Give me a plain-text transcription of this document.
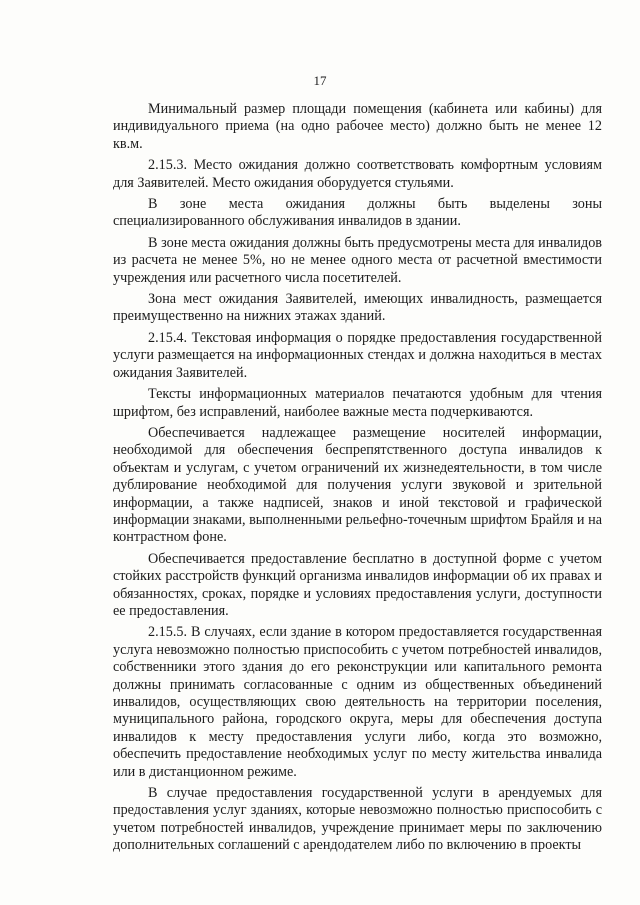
17

Минимальный размер площади помещения (кабинета или кабины) для индивидуального приема (на одно рабочее место) должно быть не менее 12 кв.м.

2.15.3. Место ожидания должно соответствовать комфортным условиям для Заявителей. Место ожидания оборудуется стульями.

В зоне места ожидания должны быть выделены зоны специализированного обслуживания инвалидов в здании.

В зоне места ожидания должны быть предусмотрены места для инвалидов из расчета не менее 5%, но не менее одного места от расчетной вместимости учреждения или расчетного числа посетителей.

Зона мест ожидания Заявителей, имеющих инвалидность, размещается преимущественно на нижних этажах зданий.

2.15.4. Текстовая информация о порядке предоставления государственной услуги размещается на информационных стендах и должна находиться в местах ожидания Заявителей.

Тексты информационных материалов печатаются удобным для чтения шрифтом, без исправлений, наиболее важные места подчеркиваются.

Обеспечивается надлежащее размещение носителей информации, необходимой для обеспечения беспрепятственного доступа инвалидов к объектам и услугам, с учетом ограничений их жизнедеятельности, в том числе дублирование необходимой для получения услуги звуковой и зрительной информации, а также надписей, знаков и иной текстовой и графической информации знаками, выполненными рельефно-точечным шрифтом Брайля и на контрастном фоне.

Обеспечивается предоставление бесплатно в доступной форме с учетом стойких расстройств функций организма инвалидов информации об их правах и обязанностях, сроках, порядке и условиях предоставления услуги, доступности ее предоставления.

2.15.5. В случаях, если здание в котором предоставляется государственная услуга невозможно полностью приспособить с учетом потребностей инвалидов, собственники этого здания до его реконструкции или капитального ремонта должны принимать согласованные с одним из общественных объединений инвалидов, осуществляющих свою деятельность на территории поселения, муниципального района, городского округа, меры для обеспечения доступа инвалидов к месту предоставления услуги либо, когда это возможно, обеспечить предоставление необходимых услуг по месту жительства инвалида или в дистанционном режиме.

В случае предоставления государственной услуги в арендуемых для предоставления услуг зданиях, которые невозможно полностью приспособить с учетом потребностей инвалидов, учреждение принимает меры по заключению дополнительных соглашений с арендодателем либо по включению в проекты
